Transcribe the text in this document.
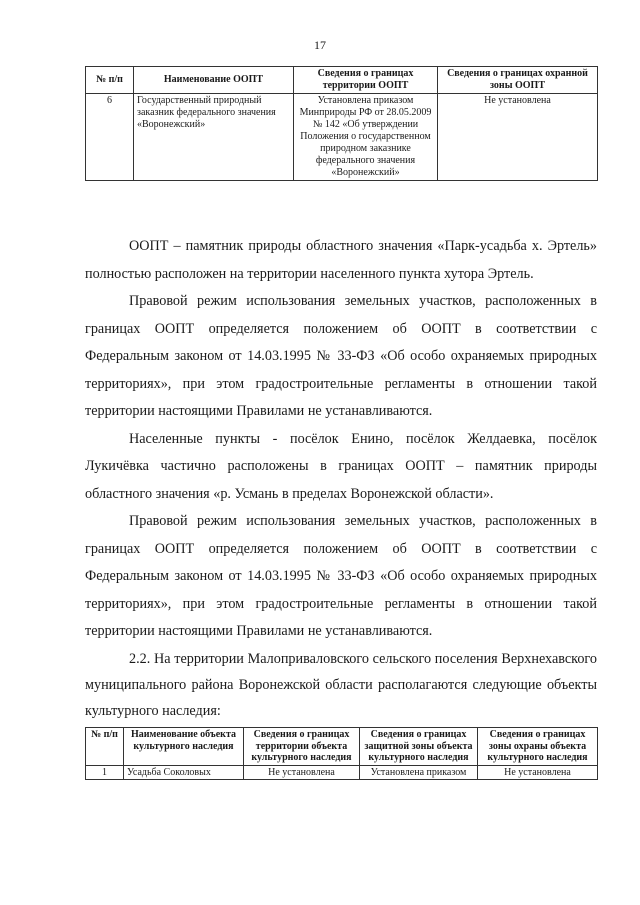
17
№ п/п	Наименование ООПТ	Сведения о границах территории ООПТ	Сведения о границах охранной зоны ООПТ
6	Государственный природный заказник федерального значения «Воронежский»	Установлена приказом Минприроды РФ от 28.05.2009 № 142 «Об утверждении Положения о государственном природном заказнике федерального значения «Воронежский»	Не установлена

ООПТ – памятник природы областного значения «Парк-усадьба х. Эртель» полностью расположен на территории населенного пункта хутора Эртель.

Правовой режим использования земельных участков, расположенных в границах ООПТ определяется положением об ООПТ в соответствии с Федеральным законом от 14.03.1995 № 33-ФЗ «Об особо охраняемых природных территориях», при этом градостроительные регламенты в отношении такой территории настоящими Правилами не устанавливаются.

Населенные пункты - посёлок Енино, посёлок Желдаевка, посёлок Лукичёвка частично расположены в границах ООПТ – памятник природы областного значения «р. Усмань в пределах Воронежской области».

Правовой режим использования земельных участков, расположенных в границах ООПТ определяется положением об ООПТ в соответствии с Федеральным законом от 14.03.1995 № 33-ФЗ «Об особо охраняемых природных территориях», при этом градостроительные регламенты в отношении такой территории настоящими Правилами не устанавливаются.

2.2. На территории Малоприваловского сельского поселения Верхнехавского муниципального района Воронежской области располагаются следующие объекты культурного наследия:

№ п/п	Наименование объекта культурного наследия	Сведения о границах территории объекта культурного наследия	Сведения о границах защитной зоны объекта культурного наследия	Сведения о границах зоны охраны объекта культурного наследия
1	Усадьба Соколовых	Не установлена	Установлена приказом	Не установлена
